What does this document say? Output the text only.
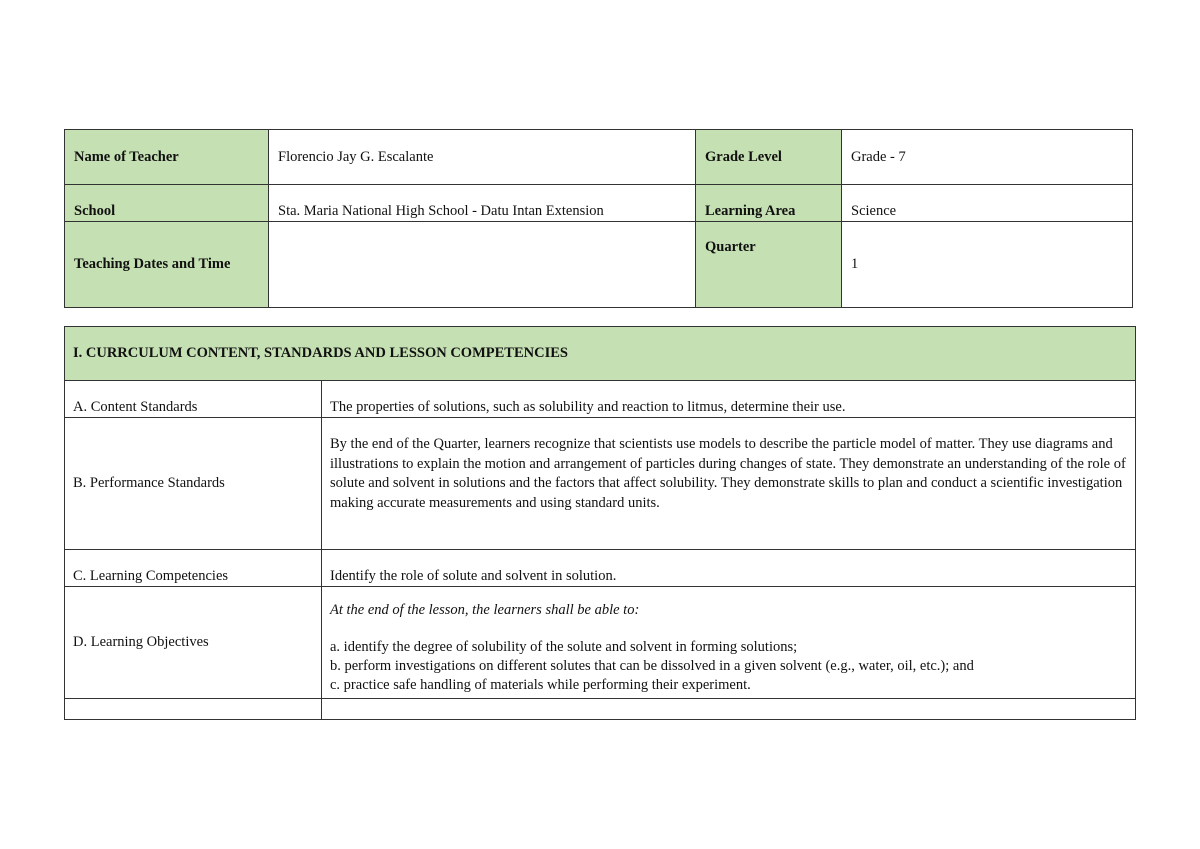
Name of Teacher	Florencio Jay G. Escalante	Grade Level	Grade - 7
School	Sta. Maria National High School - Datu Intan Extension	Learning Area	Science
Teaching Dates and Time		Quarter	1
I. CURRCULUM CONTENT, STANDARDS AND LESSON COMPETENCIES	
A. Content Standards	The properties of solutions, such as solubility and reaction to litmus, determine their use.
B. Performance Standards	By the end of the Quarter, learners recognize that scientists use models to describe the particle model of matter. They use diagrams and illustrations to explain the motion and arrangement of particles during changes of state. They demonstrate an understanding of the role of solute and solvent in solutions and the factors that affect solubility. They demonstrate skills to plan and conduct a scientific investigation making accurate measurements and using standard units.
C. Learning Competencies	Identify the role of solute and solvent in solution.
D. Learning Objectives	At the end of the lesson, the learners shall be able to:
a. identify the degree of solubility of the solute and solvent in forming solutions;
b. perform investigations on different solutes that can be dissolved in a given solvent (e.g., water, oil, etc.); and
c. practice safe handling of materials while performing their experiment.
